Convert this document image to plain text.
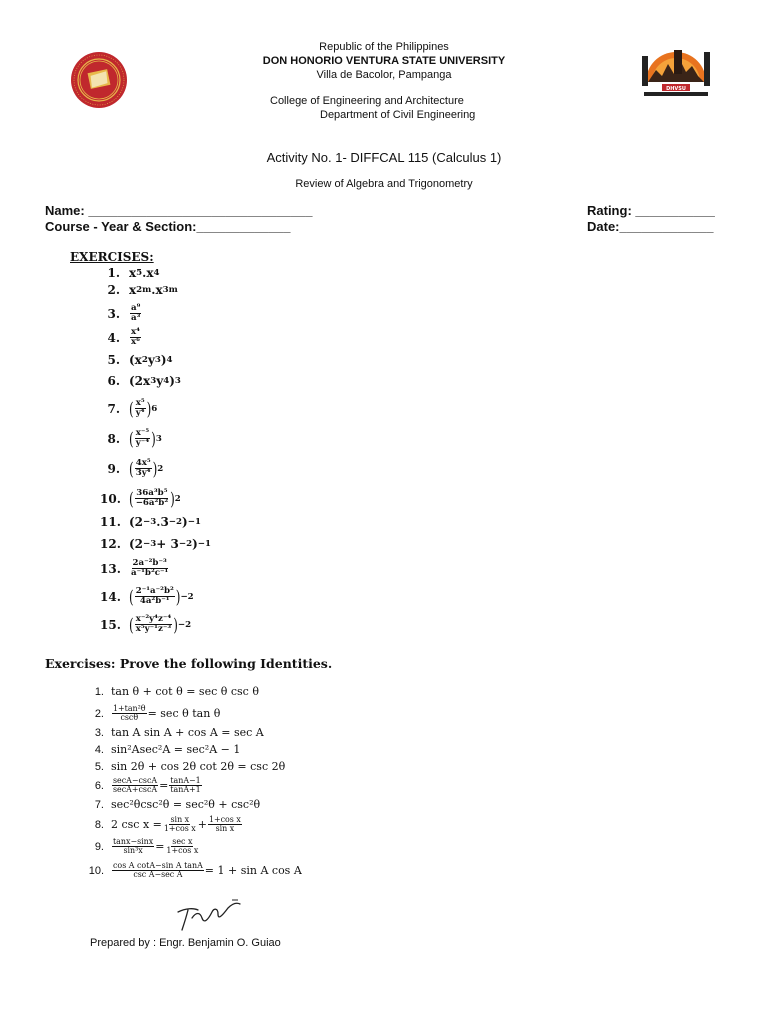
DHVSU
Republic of the Philippines
DON HONORIO VENTURA STATE UNIVERSITY
Villa de Bacolor, Pampanga
College of Engineering and Architecture
Department of Civil Engineering
Activity No. 1- DIFFCAL 115 (Calculus 1)
Review of Algebra and Trigonometry
Name: _______________________________
Course - Year & Section:_____________
Rating: ___________
Date:_____________
EXERCISES:
1. x 5 . x 4
2. x 2m . x 3m
3. $\frac{\text{a⁹}}{\text{a³}}$
4. $\frac{\text{x⁴}}{\text{x⁶}}$
5. (x 2 y 3 ) 4
6. (2x 3 y 4 ) 3
7. ( $\frac{\text{x⁵}}{\text{y⁴}}$ ) 6
8. ( $\frac{\text{x⁻⁵}}{\text{y⁻⁴}}$ ) 3
9. ( $\frac{\text{4x⁵}}{\text{3y⁴}}$ ) 2
10. ( $\frac{\text{36a³b⁵}}{\text{−6a²b²}}$ ) 2
11. (2 −3 .3 −2 ) −1
12. (2 −3 + 3 −2 ) −1
13. $\frac{\text{2a⁻²b⁻³}}{\text{a⁻¹b²c⁻¹}}$
14. ( $\frac{\text{2⁻¹a⁻²b²}}{\text{4a²b⁻¹}}$ ) −2
15. ( $\frac{\text{x⁻²y⁴z⁻⁴}}{\text{x⁵y⁻¹z⁻³}}$ ) −2
Exercises: Prove the following Identities.
1. tan θ + cot θ = sec θ csc θ
2. $\frac{\text{1+tan²θ}}{\csc\theta} = \sec \theta$ tan θ
3. tan A sin A + cos A = sec A
4. sin²Asec²A = sec²A − 1
5. sin 2θ + cos 2θ cot 2θ = csc 2θ
6. $\frac{\sec A-\csc A}{\sec A+\csc A} = \frac{\tan A-1}{\tan A+1}$
7. sec²θcsc²θ = sec²θ + csc²θ
8. 2 $\csc x = \frac{\text{sin x}}{\text{1+cos x}} + \frac{\text{1+cos x}}{\text{sin x}}$
9. $\frac{\tan x-\sin x}{\text{sin³x}} = \frac{\text{sec x}}{\text{1+cos x}}$
10. $\frac{\text{cos A cotA−sin A tanA}}{\text{csc A−sec A}} = 1 + \sin A$ cos A
Prepared by : Engr. Benjamin O. Guiao
